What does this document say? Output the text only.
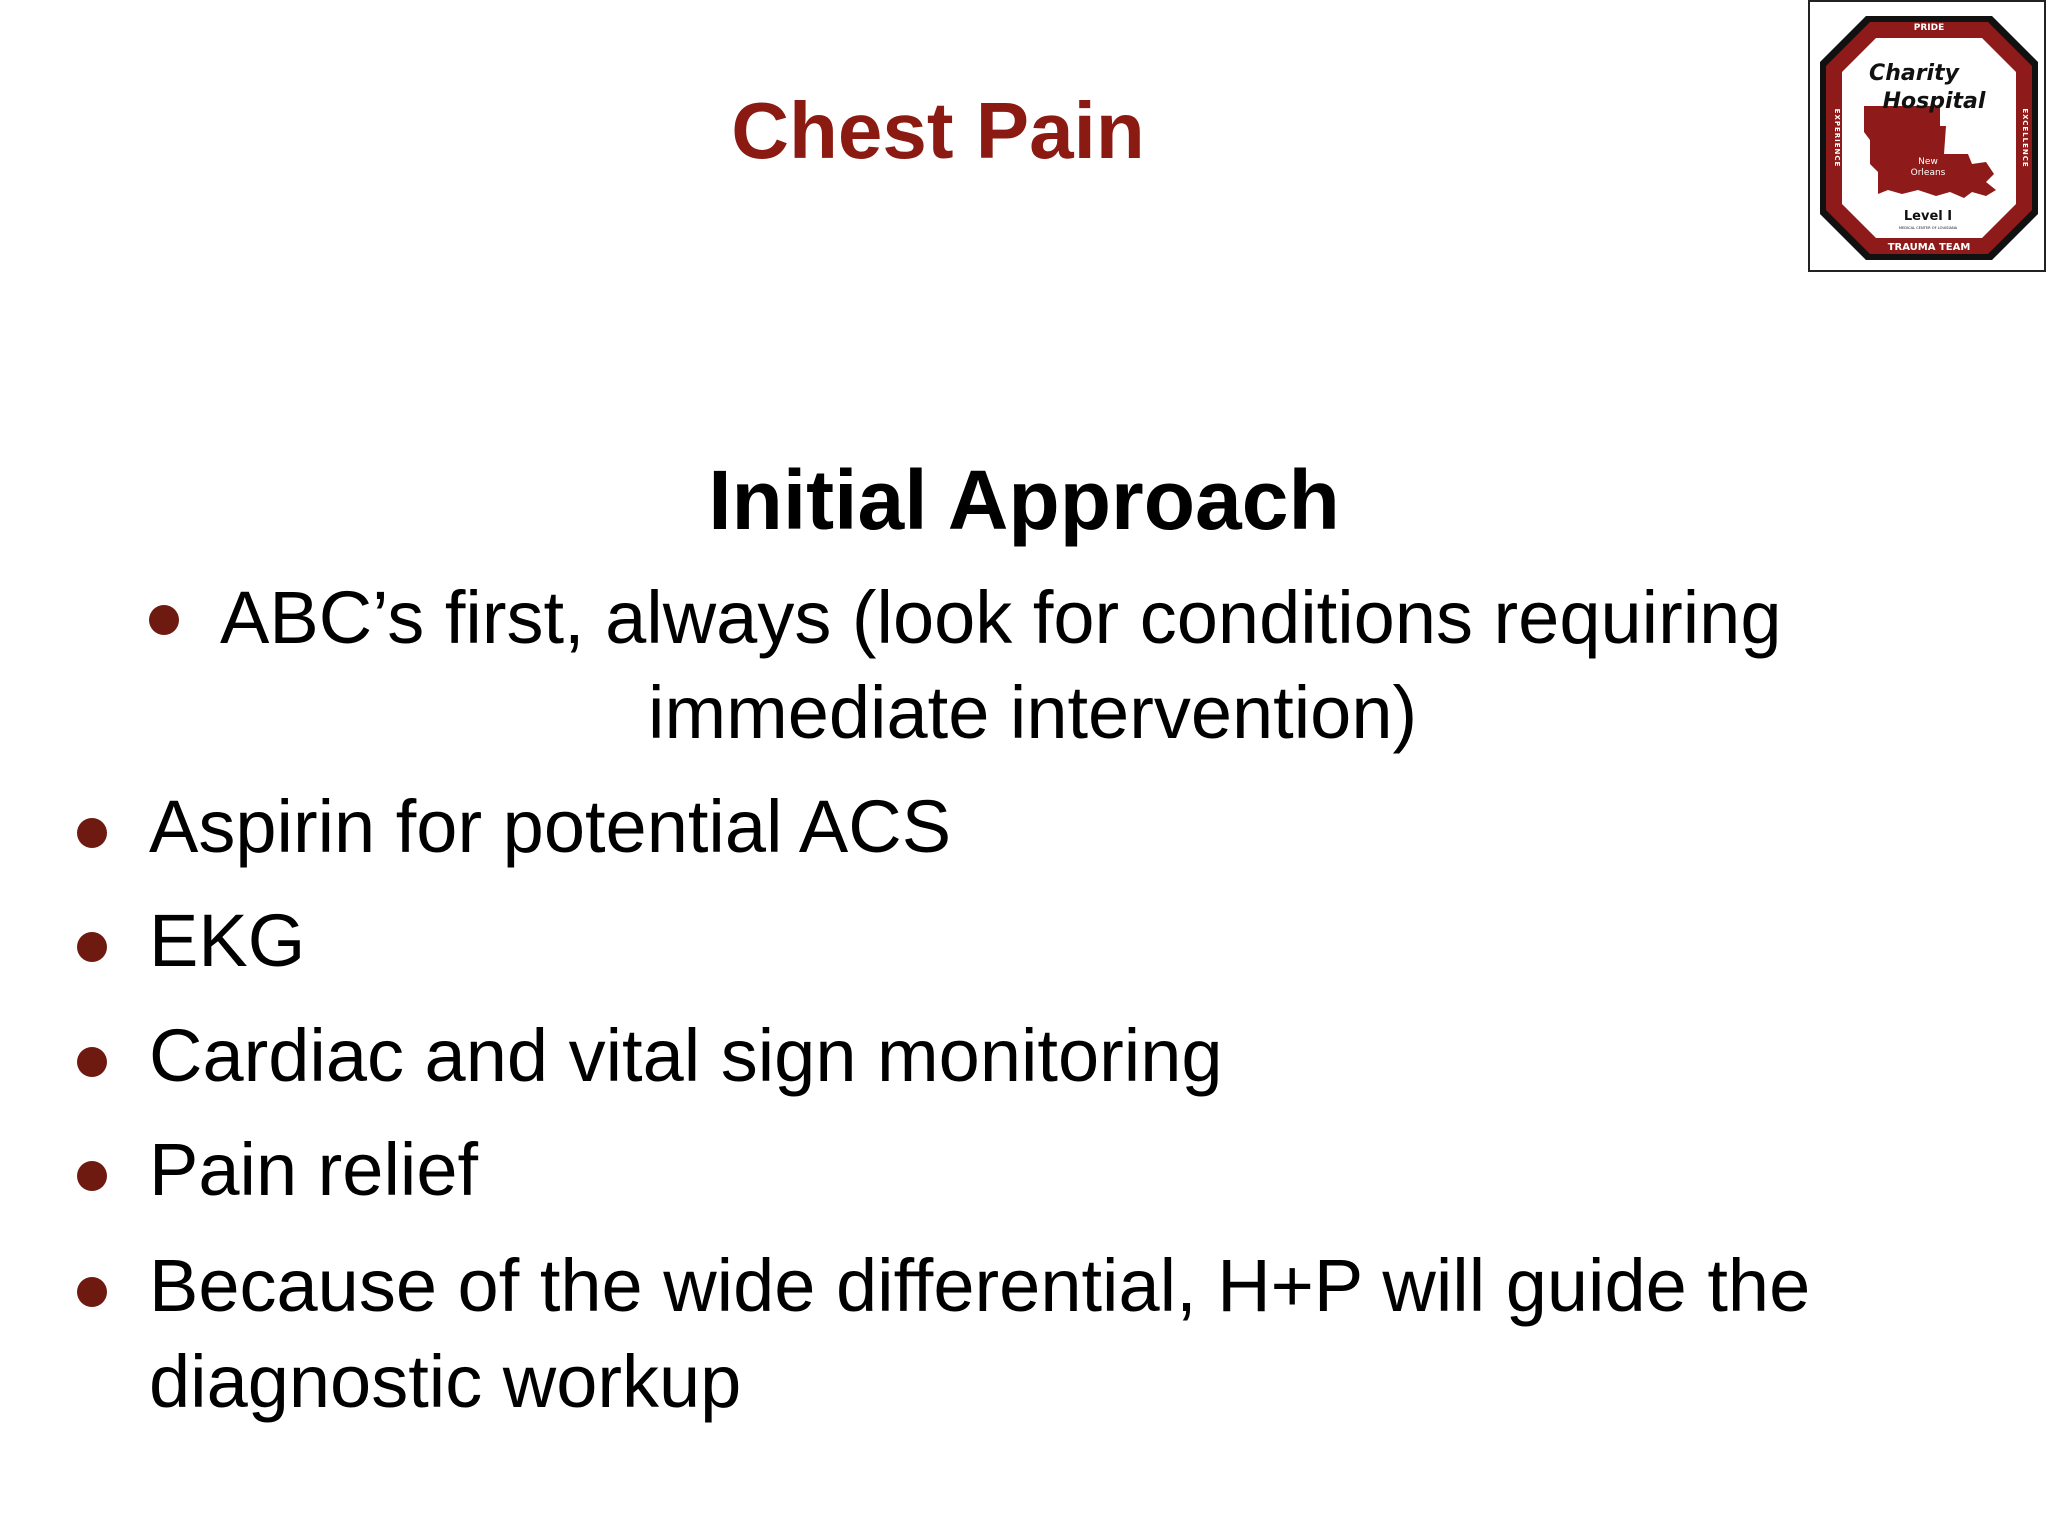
Chest Pain
PRIDE
TRAUMA TEAM
EXPERIENCE	EXCELLENCE
Charity
Hospital
New
Orleans
Level I
MEDICAL CENTER OF LOUISIANA
Initial Approach
ABC’s first, always (look for conditions requiring
immediate intervention)
Aspirin for potential ACS
EKG
Cardiac and vital sign monitoring
Pain relief
Because of the wide differential, H+P will guide the
diagnostic workup
